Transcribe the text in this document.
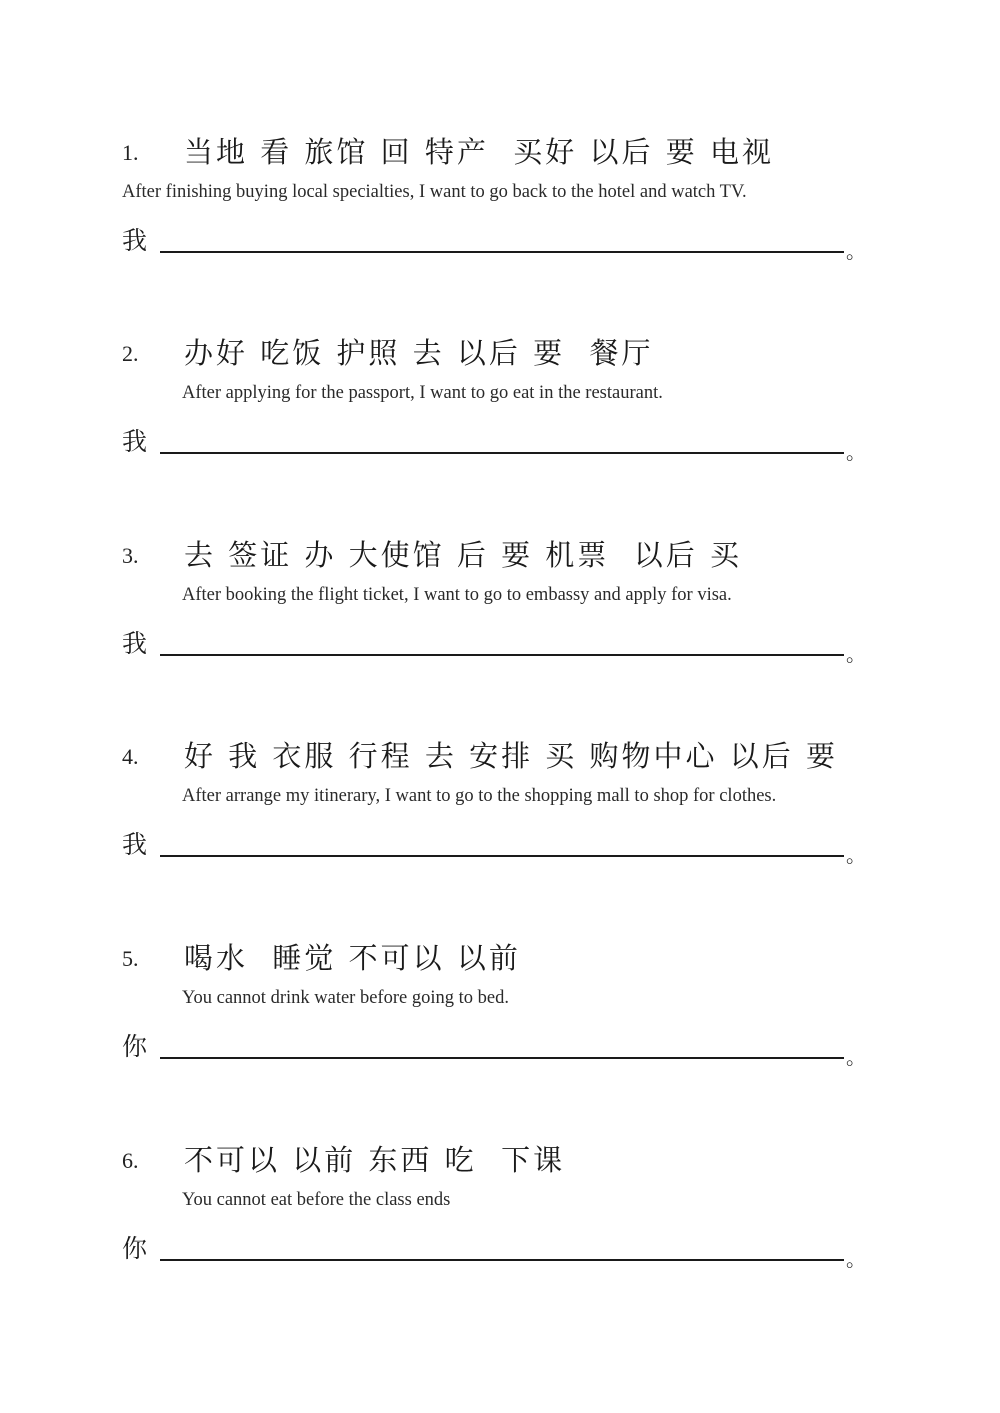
1. 当地 看 旅馆 回 特产  买好 以后 要 电视
After finishing buying local specialties, I want to go back to the hotel and watch TV.
我	。
2. 办好 吃饭 护照 去 以后 要  餐厅
After applying for the passport, I want to go eat in the restaurant.
我	。
3. 去 签证 办 大使馆 后 要 机票  以后 买
After booking the flight ticket, I want to go to embassy and apply for visa.
我	。
4. 好 我 衣服 行程 去 安排 买 购物中心 以后 要
After arrange my itinerary, I want to go to the shopping mall to shop for clothes.
我	。
5. 喝水  睡觉 不可以 以前
You cannot drink water before going to bed.
你	。
6. 不可以 以前 东西 吃  下课
You cannot eat before the class ends
你	。
